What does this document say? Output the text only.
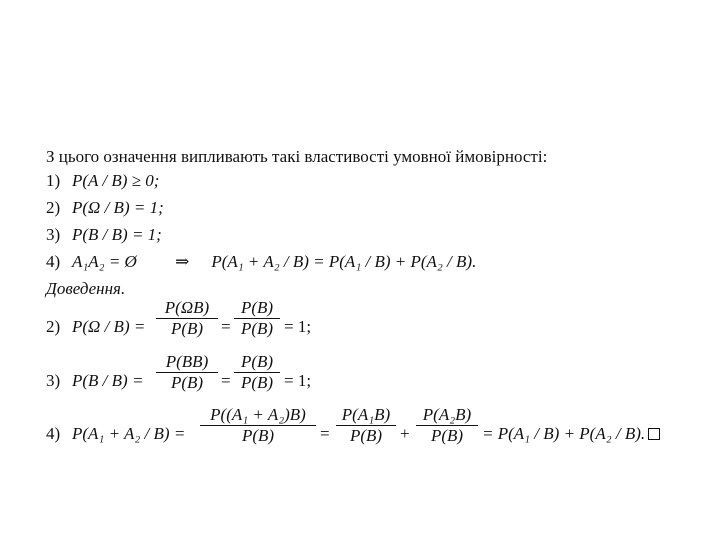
З цього означення випливають такі властивості умовної ймовірності:
1) P(A / B) ≥ 0;
2) P(Ω / B) = 1;
3) P(B / B) = 1;
4) A₁A₂ = Ø ⇒ P(A₁ + A₂ / B) = P(A₁ / B) + P(A₂ / B).
Доведення.
2) $P(\Omega / B) = \frac{P(\Omega B)}{P(B)} = \frac{P(B)}{P(B)} = 1$;
3) $P(B / B) = \frac{P(BB)}{P(B)} = \frac{P(B)}{P(B)} = 1$;
4) $P(A_1 + A_2 / B) = \frac{\text{P((A₁ + A₂)B)}}{P(B)} = \frac{\text{P(A₁B)}}{P(B)} + \frac{\text{P(A₂B)}}{P(B)} = P(A_1 / B) + P(A_2 / B)$.
